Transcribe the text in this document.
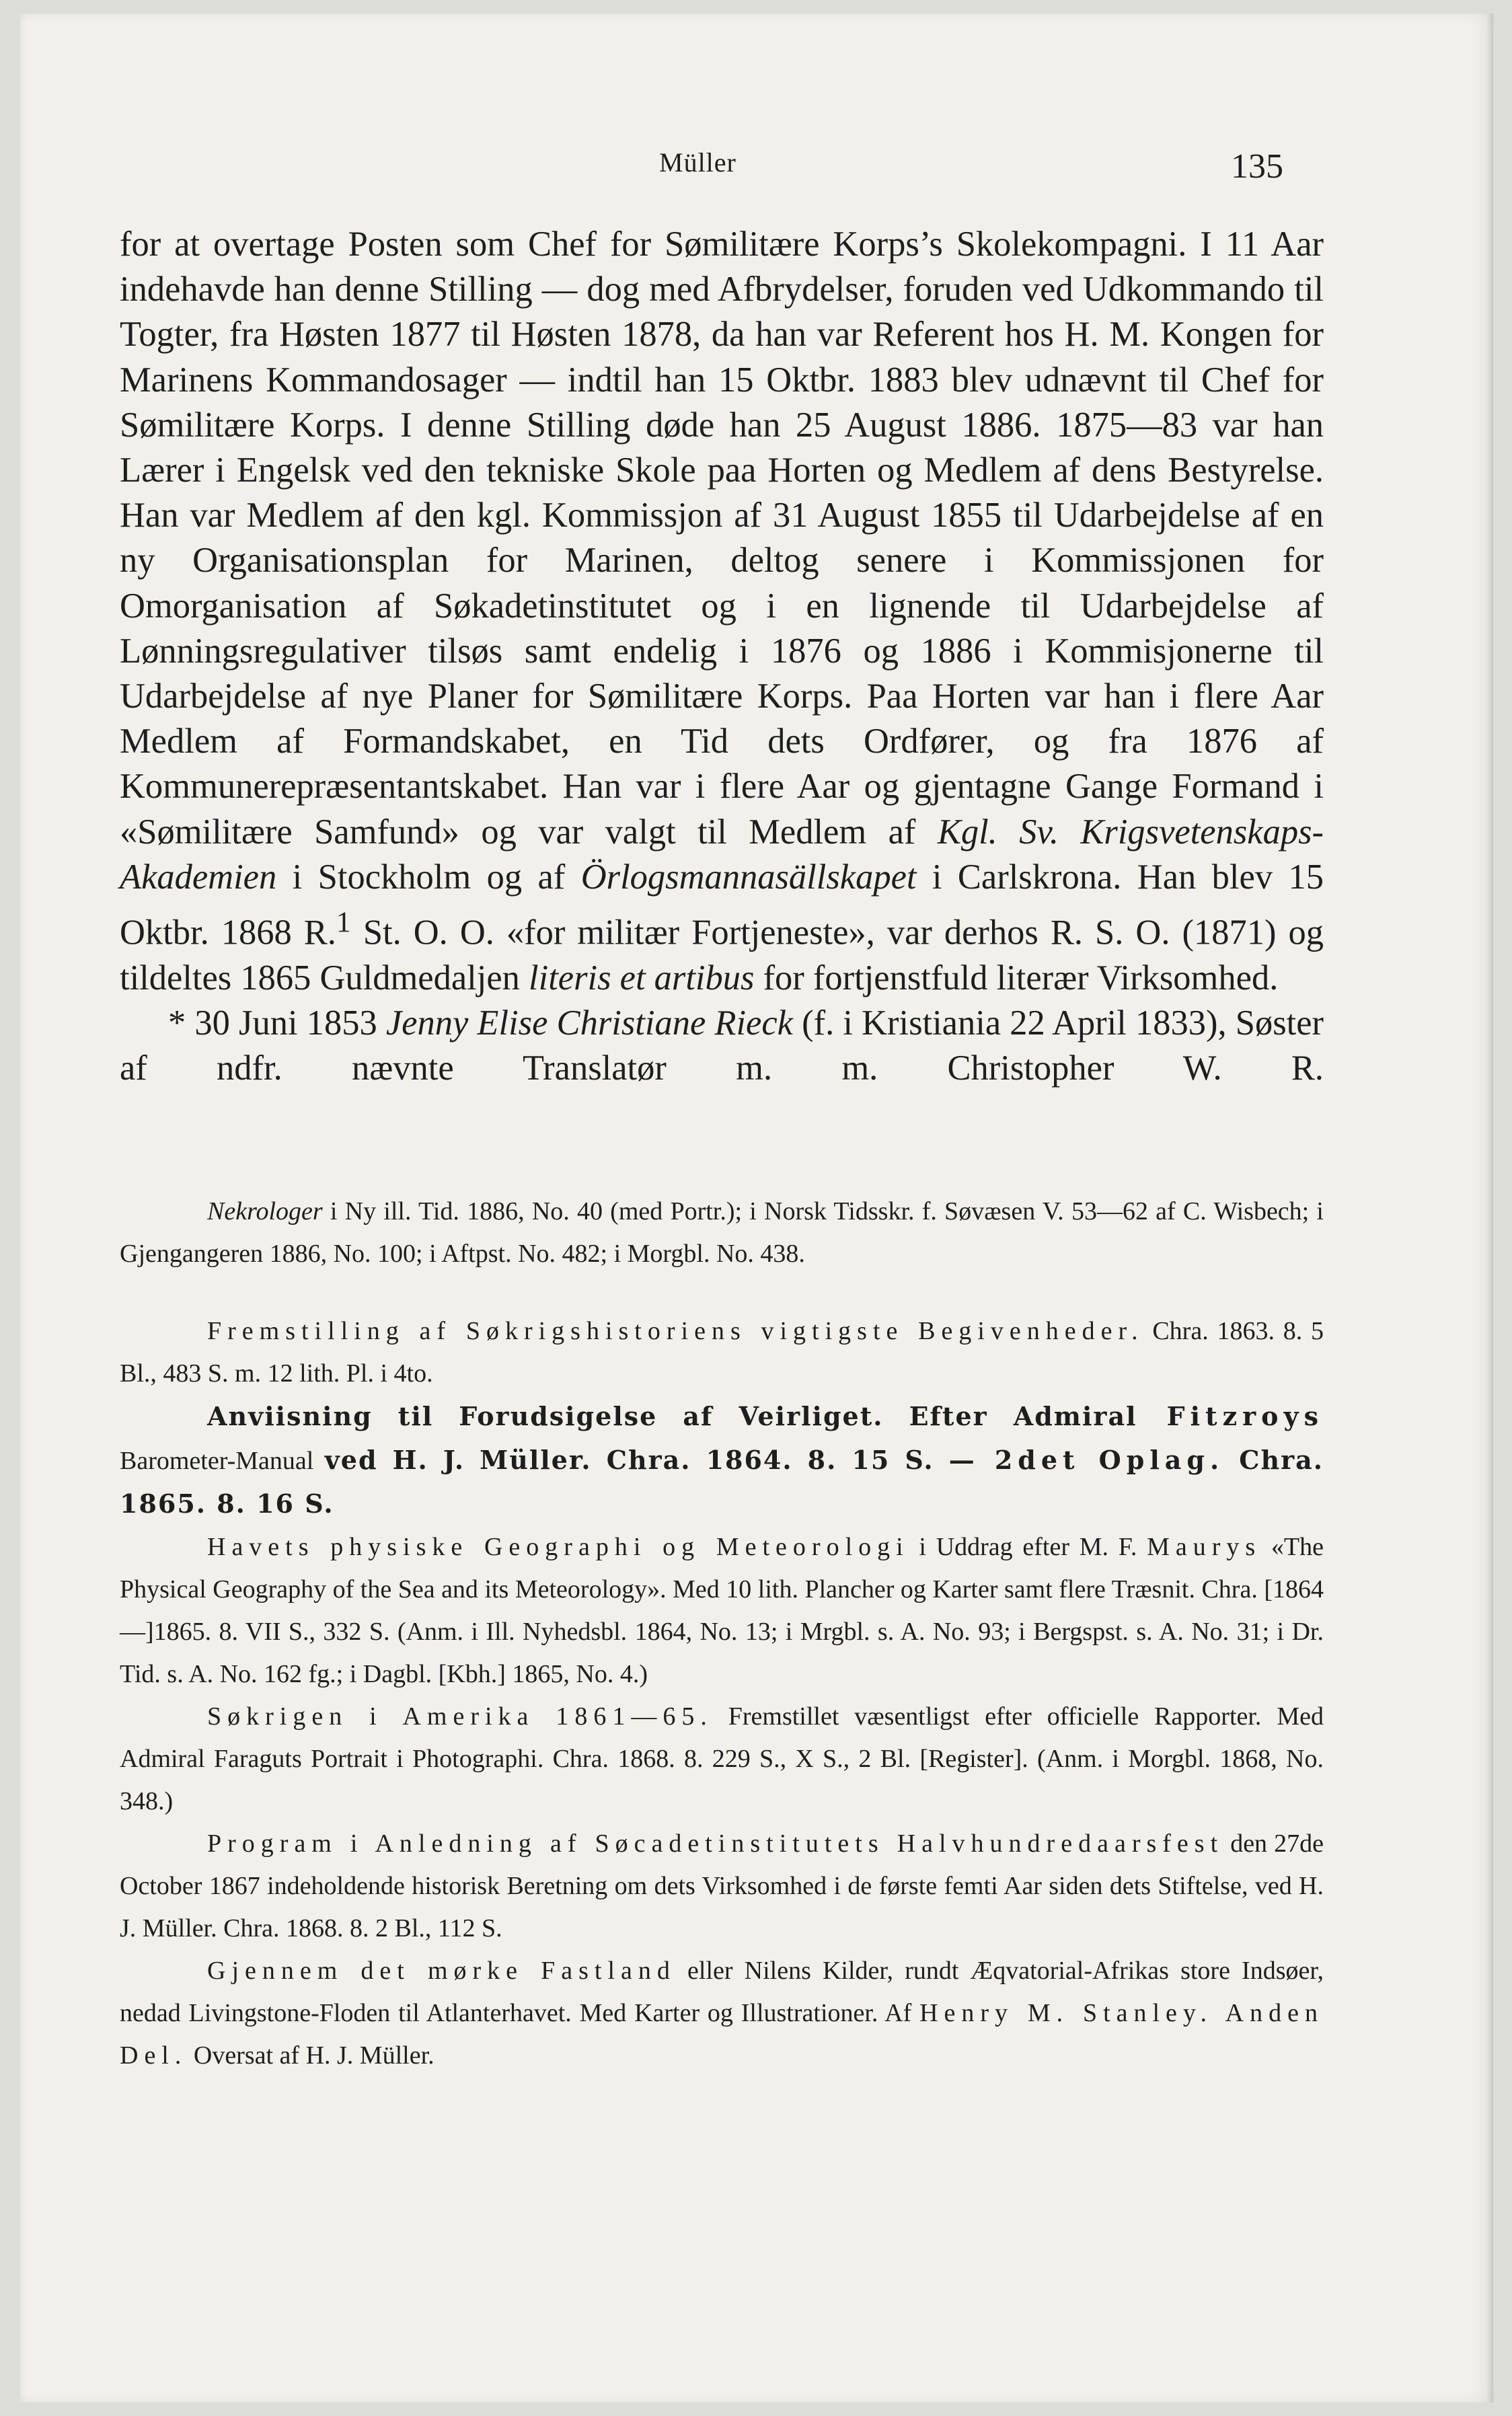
Müller	135

for at overtage Posten som Chef for Sømilitære Korps’s Skolekompagni. I 11 Aar indehavde han denne Stilling — dog med Afbrydelser, foruden ved Udkommando til Togter, fra Høsten 1877 til Høsten 1878, da han var Referent hos H. M. Kongen for Marinens Kommandosager — indtil han 15 Oktbr. 1883 blev udnævnt til Chef for Sømilitære Korps. I denne Stilling døde han 25 August 1886. 1875—83 var han Lærer i Engelsk ved den tekniske Skole paa Horten og Medlem af dens Bestyrelse. Han var Medlem af den kgl. Kommissjon af 31 August 1855 til Udarbejdelse af en ny Organisationsplan for Marinen, deltog senere i Kommissjonen for Omorganisation af Søkadetinstitutet og i en lignende til Udarbejdelse af Lønningsregulativer tilsøs samt endelig i 1876 og 1886 i Kommisjonerne til Udarbejdelse af nye Planer for Sømilitære Korps. Paa Horten var han i flere Aar Medlem af Formandskabet, en Tid dets Ordfører, og fra 1876 af Kommunerepræsentantskabet. Han var i flere Aar og gjentagne Gange Formand i «Sømilitære Samfund» og var valgt til Medlem af Kgl. Sv. Krigsvetenskaps-Akademien i Stockholm og af Örlogsmannasällskapet i Carlskrona. Han blev 15 Oktbr. 1868 R.$^1$ St. O. O. «for militær Fortjeneste», var derhos R. S. O. (1871) og tildeltes 1865 Guldmedaljen literis et artibus for fortjenstfuld literær Virksomhed.

* 30 Juni 1853 Jenny Elise Christiane Rieck (f. i Kristiania 22 April 1833), Søster af ndfr. nævnte Translatør m. m. Christopher W. R.

Nekrologer i Ny ill. Tid. 1886, No. 40 (med Portr.); i Norsk Tidsskr. f. Søvæsen V. 53—62 af C. Wisbech; i Gjengangeren 1886, No. 100; i Aftpst. No. 482; i Morgbl. No. 438.

Fremstilling af Søkrigshistoriens vigtigste Begivenheder. Chra. 1863. 8. 5 Bl., 483 S. m. 12 lith. Pl. i 4to.

Anviisning til Forudsigelse af Veirliget. Efter Admiral Fitzroys Barometer-Manual ved H. J. Müller. Chra. 1864. 8. 15 S. — 2det Oplag. Chra. 1865. 8. 16 S.

Havets physiske Geographi og Meteorologi i Uddrag efter M. F. Maurys «The Physical Geography of the Sea and its Meteorology». Med 10 lith. Plancher og Karter samt flere Træsnit. Chra. [1864—]1865. 8. VII S., 332 S. (Anm. i Ill. Nyhedsbl. 1864, No. 13; i Mrgbl. s. A. No. 93; i Bergspst. s. A. No. 31; i Dr. Tid. s. A. No. 162 fg.; i Dagbl. [Kbh.] 1865, No. 4.)

Søkrigen i Amerika 1861—65. Fremstillet væsentligst efter officielle Rapporter. Med Admiral Faraguts Portrait i Photographi. Chra. 1868. 8. 229 S., X S., 2 Bl. [Register]. (Anm. i Morgbl. 1868, No. 348.)

Program i Anledning af Søcadetinstitutets Halvhundredaarsfest den 27de October 1867 indeholdende historisk Beretning om dets Virksomhed i de første femti Aar siden dets Stiftelse, ved H. J. Müller. Chra. 1868. 8. 2 Bl., 112 S.

Gjennem det mørke Fastland eller Nilens Kilder, rundt Æqvatorial-Afrikas store Indsøer, nedad Livingstone-Floden til Atlanterhavet. Med Karter og Illustrationer. Af Henry M. Stanley. Anden Del. Oversat af H. J. Müller.
